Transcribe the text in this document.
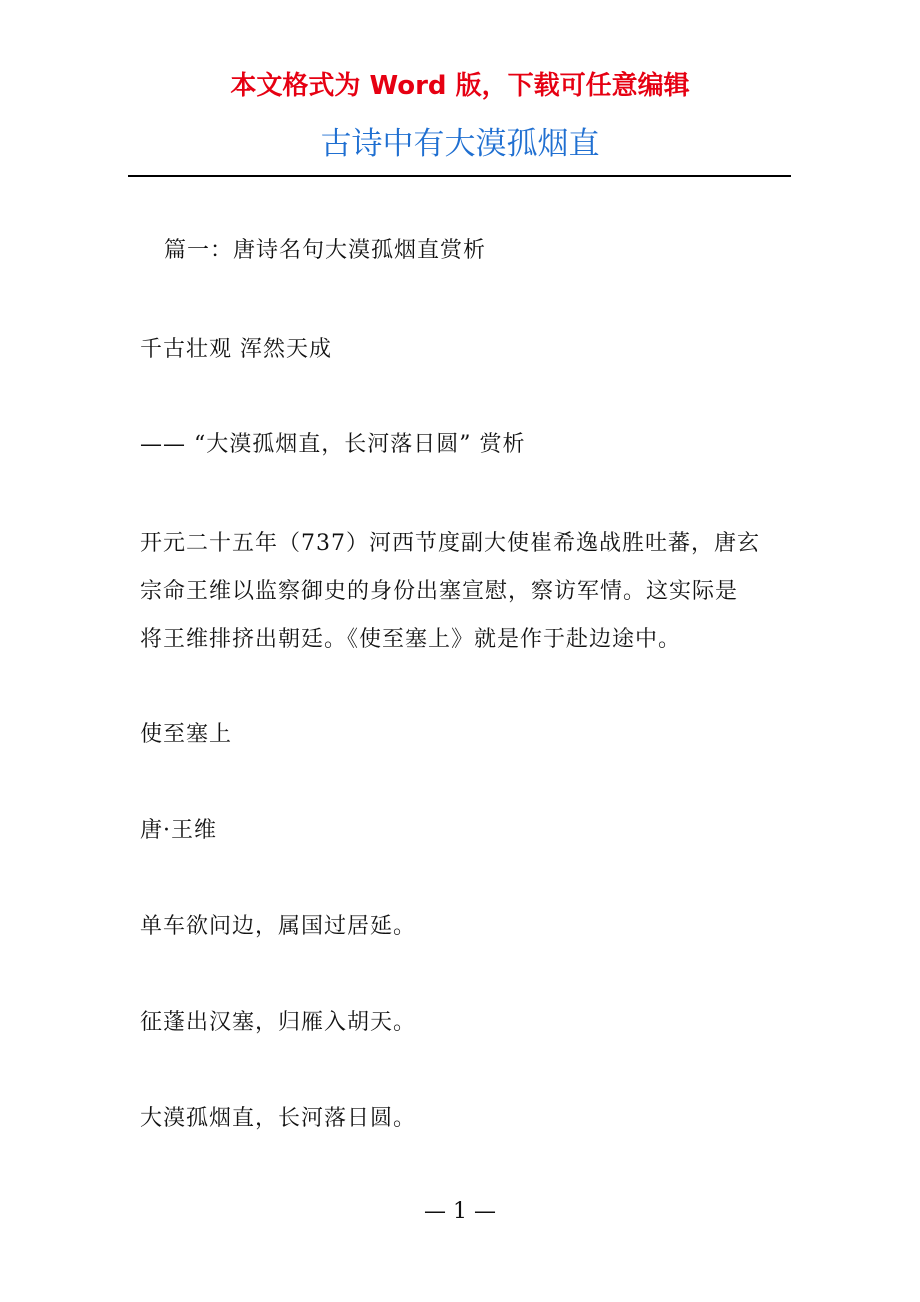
本文格式为 Word 版，下载可任意编辑
古诗中有大漠孤烟直
篇一：唐诗名句大漠孤烟直赏析
千古壮观 浑然天成
—— “大漠孤烟直，长河落日圆” 赏析
开元二十五年（737）河西节度副大使崔希逸战胜吐蕃，唐玄
宗命王维以监察御史的身份出塞宣慰，察访军情。这实际是
将王维排挤出朝廷。《使至塞上》就是作于赴边途中。
使至塞上
唐·王维
单车欲问边，属国过居延。
征蓬出汉塞，归雁入胡天。
大漠孤烟直，长河落日圆。
— 1 —
